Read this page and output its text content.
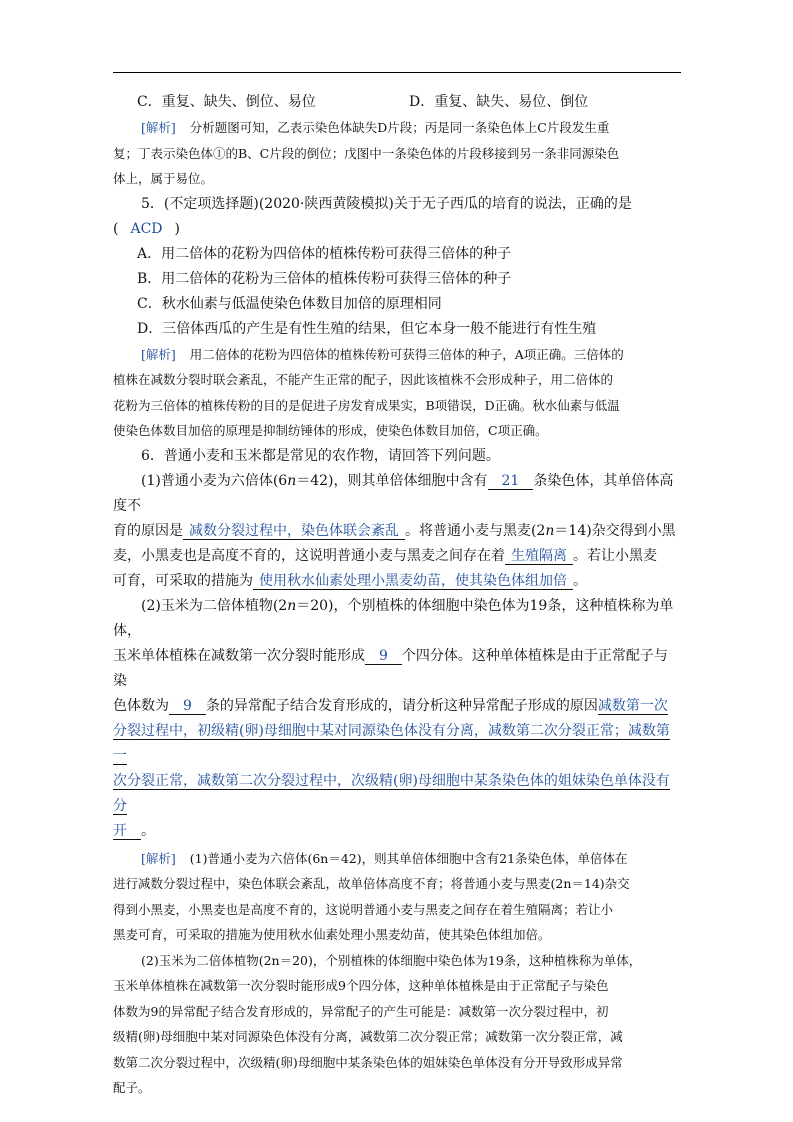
C．重复、缺失、倒位、易位	D．重复、缺失、易位、倒位

[解析] 分析题图可知，乙表示染色体缺失D片段；丙是同一条染色体上C片段发生重

复；丁表示染色体①的B、C片段的倒位；戊图中一条染色体的片段移接到另一条非同源染色

体上，属于易位。

5．(不定项选择题)(2020·陕西黄陵模拟)关于无子西瓜的培育的说法，正确的是( ACD )

A．用二倍体的花粉为四倍体的植株传粉可获得三倍体的种子

B．用二倍体的花粉为三倍体的植株传粉可获得三倍体的种子

C．秋水仙素与低温使染色体数目加倍的原理相同

D．三倍体西瓜的产生是有性生殖的结果，但它本身一般不能进行有性生殖

[解析] 用二倍体的花粉为四倍体的植株传粉可获得三倍体的种子，A项正确。三倍体的

植株在减数分裂时联会紊乱，不能产生正常的配子，因此该植株不会形成种子，用二倍体的

花粉为三倍体的植株传粉的目的是促进子房发育成果实，B项错误，D正确。秋水仙素与低温

使染色体数目加倍的原理是抑制纺锤体的形成，使染色体数目加倍，C项正确。

6．普通小麦和玉米都是常见的农作物，请回答下列问题。

(1)普通小麦为六倍体(6n＝42)，则其单倍体细胞中含有 21 条染色体，其单倍体高度不

育的原因是 减数分裂过程中，染色体联会紊乱 。将普通小麦与黑麦(2n＝14)杂交得到小黑

麦，小黑麦也是高度不育的，这说明普通小麦与黑麦之间存在着 生殖隔离 。若让小黑麦

可育，可采取的措施为 使用秋水仙素处理小黑麦幼苗，使其染色体组加倍 。

(2)玉米为二倍体植物(2n＝20)，个别植株的体细胞中染色体为19条，这种植株称为单体，

玉米单体植株在减数第一次分裂时能形成 9 个四分体。这种单体植株是由于正常配子与染

色体数为 9 条的异常配子结合发育形成的，请分析这种异常配子形成的原因减数第一次

分裂过程中，初级精(卵)母细胞中某对同源染色体没有分离，减数第二次分裂正常；减数第一

次分裂正常，减数第二次分裂过程中，次级精(卵)母细胞中某条染色体的姐妹染色单体没有分

开 。

[解析] (1)普通小麦为六倍体(6n＝42)，则其单倍体细胞中含有21条染色体，单倍体在

进行减数分裂过程中，染色体联会紊乱，故单倍体高度不育；将普通小麦与黑麦(2n＝14)杂交

得到小黑麦，小黑麦也是高度不育的，这说明普通小麦与黑麦之间存在着生殖隔离；若让小

黑麦可育，可采取的措施为使用秋水仙素处理小黑麦幼苗，使其染色体组加倍。

(2)玉米为二倍体植物(2n＝20)，个别植株的体细胞中染色体为19条，这种植株称为单体，

玉米单体植株在减数第一次分裂时能形成9个四分体，这种单体植株是由于正常配子与染色

体数为9的异常配子结合发育形成的，异常配子的产生可能是：减数第一次分裂过程中，初

级精(卵)母细胞中某对同源染色体没有分离，减数第二次分裂正常；减数第一次分裂正常，减

数第二次分裂过程中，次级精(卵)母细胞中某条染色体的姐妹染色单体没有分开导致形成异常

配子。
